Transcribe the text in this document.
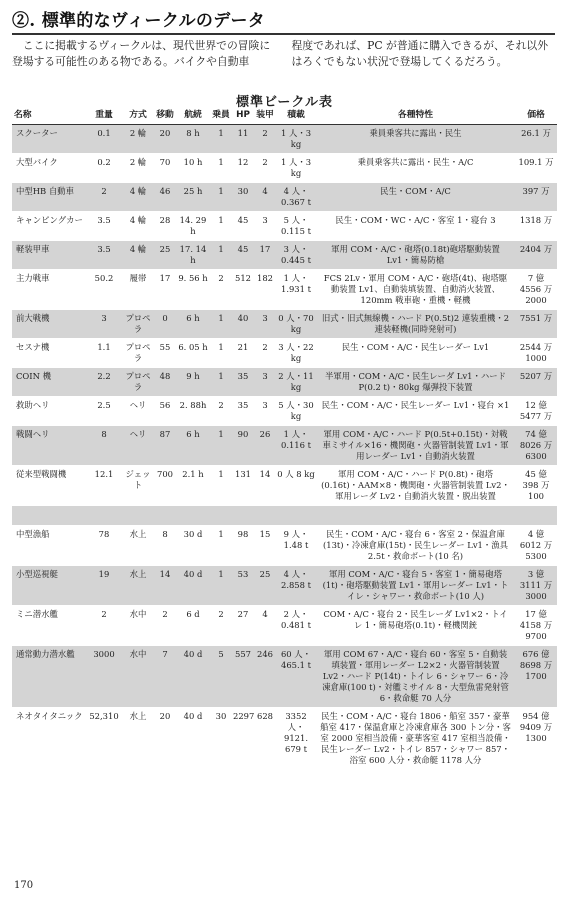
②. 標準的なヴィークルのデータ

ここに掲載するヴィークルは、現代世界での冒険に登場する可能性のある物である。バイクや自動車

程度であれば、PC が普通に購入できるが、それ以外はろくでもない状況で登場してくるだろう。

標準ビークル表
名称	重量	方式	移動	航続	乗員	HP	装甲	積載	各種特性	価格
スクーター	0.1	2 輪	20	8 h	1	11	2	1 人・3 kg	乗員乗客共に露出・民生	26.1 万
大型バイク	0.2	2 輪	70	10 h	1	12	2	1 人・3 kg	乗員乗客共に露出・民生・A/C	109.1 万
中型HB 自動車	2	4 輪	46	25 h	1	30	4	4 人・0.367 t	民生・COM・A/C	397 万
キャンピングカー	3.5	4 輪	28	14. 29 h	1	45	3	5 人・0.115 t	民生・COM・WC・A/C・客室 1・寝台 3	1318 万
軽装甲車	3.5	4 輪	25	17. 14 h	1	45	17	3 人・0.445 t	軍用 COM・A/C・砲塔(0.18t)砲塔駆動装置 Lv1・簡易防槍	2404 万
主力戦車	50.2	履帯	17	9. 56 h	2	512	182	1 人・1.931 t	FCS 2Lv・軍用 COM・A/C・砲塔(4t)、砲塔駆動装置 Lv1、自動装填装置、自動消火装置、120mm 戦車砲・重機・軽機	7 億 4556 万 2000
前大戦機	3	プロペラ	0	6 h	1	40	3	0 人・70 kg	旧式・旧式無線機・ハード P(0.5t)2 連装重機・2 連装軽機(同時発射可)	7551 万
セスナ機	1.1	プロペラ	55	6. 05 h	1	21	2	3 人・22 kg	民生・COM・A/C・民生レーダー Lv1	2544 万 1000
COIN 機	2.2	プロペラ	48	9 h	1	35	3	2 人・11 kg	半軍用・COM・A/C・民生レーダ Lv1・ハード P(0.2 t)・80kg 爆弾投下装置	5207 万
救助ヘリ	2.5	ヘリ	56	2. 88h	2	35	3	5 人・30 kg	民生・COM・A/C・民生レーダー Lv1・寝台 ×1	12 億 5477 万
戦闘ヘリ	8	ヘリ	87	6 h	1	90	26	1 人・0.116 t	軍用 COM・A/C・ハード P(0.5t+0.15t)・対戦車ミサイル×16・機関砲・火器管制装置 Lv1・軍用レーダー Lv1・自動消火装置	74 億 8026 万 6300
従来型戦闘機	12.1	ジェット	700	2.1 h	1	131	14	0 人 8 kg	軍用 COM・A/C・ハード P(0.8t)・砲塔(0.16t)・AAM×8・機関砲・火器管制装置 Lv2・軍用レーダ Lv2・自動消火装置・脱出装置	45 億 398 万 100

中型漁船	78	水上	8	30 d	1	98	15	9 人・1.48 t	民生・COM・A/C・寝台 6・客室 2・保温倉庫(13t)・冷凍倉庫(15t)・民生レーダー Lv1・漁具 2.5t・救命ボート(10 名)	4 億 6012 万 5300
小型巡視艇	19	水上	14	40 d	1	53	25	4 人・2.858 t	軍用 COM・A/C・寝台 5・客室 1・簡易砲塔(1t)・砲塔駆動装置 Lv1・軍用レーダー Lv1・トイレ・シャワー・救命ボート(10 人)	3 億 3111 万 3000
ミニ潜水艦	2	水中	2	6 d	2	27	4	2 人・0.481 t	COM・A/C・寝台 2・民生レーダ Lv1×2・トイレ 1・簡易砲塔(0.1t)・軽機関銃	17 億 4158 万 9700
通常動力潜水艦	3000	水中	7	40 d	5	557	246	60 人・465.1 t	軍用 COM 67・A/C・寝台 60・客室 5・自動装填装置・軍用レーダー L2×2・火器管制装置 Lv2・ハード P(14t)・トイレ 6・シャワー 6・冷凍倉庫(100 t)・対艦ミサイル 8・大型魚雷発射管 6・救命艇 70 人分	676 億 8698 万 1700
ネオタイタニック	52,310	水上	20	40 d	30	2297	628	3352 人・9121. 679 t	民生・COM・A/C・寝台 1806・船室 357・豪華船室 417・保温倉庫と冷凍倉庫各 300 トン分・客室 2000 室相当設備・豪華客室 417 室相当設備・民生レーダー Lv2・トイレ 857・シャワー 857・浴室 600 人分・救命艇 1178 人分	954 億 9409 万 1300
170
